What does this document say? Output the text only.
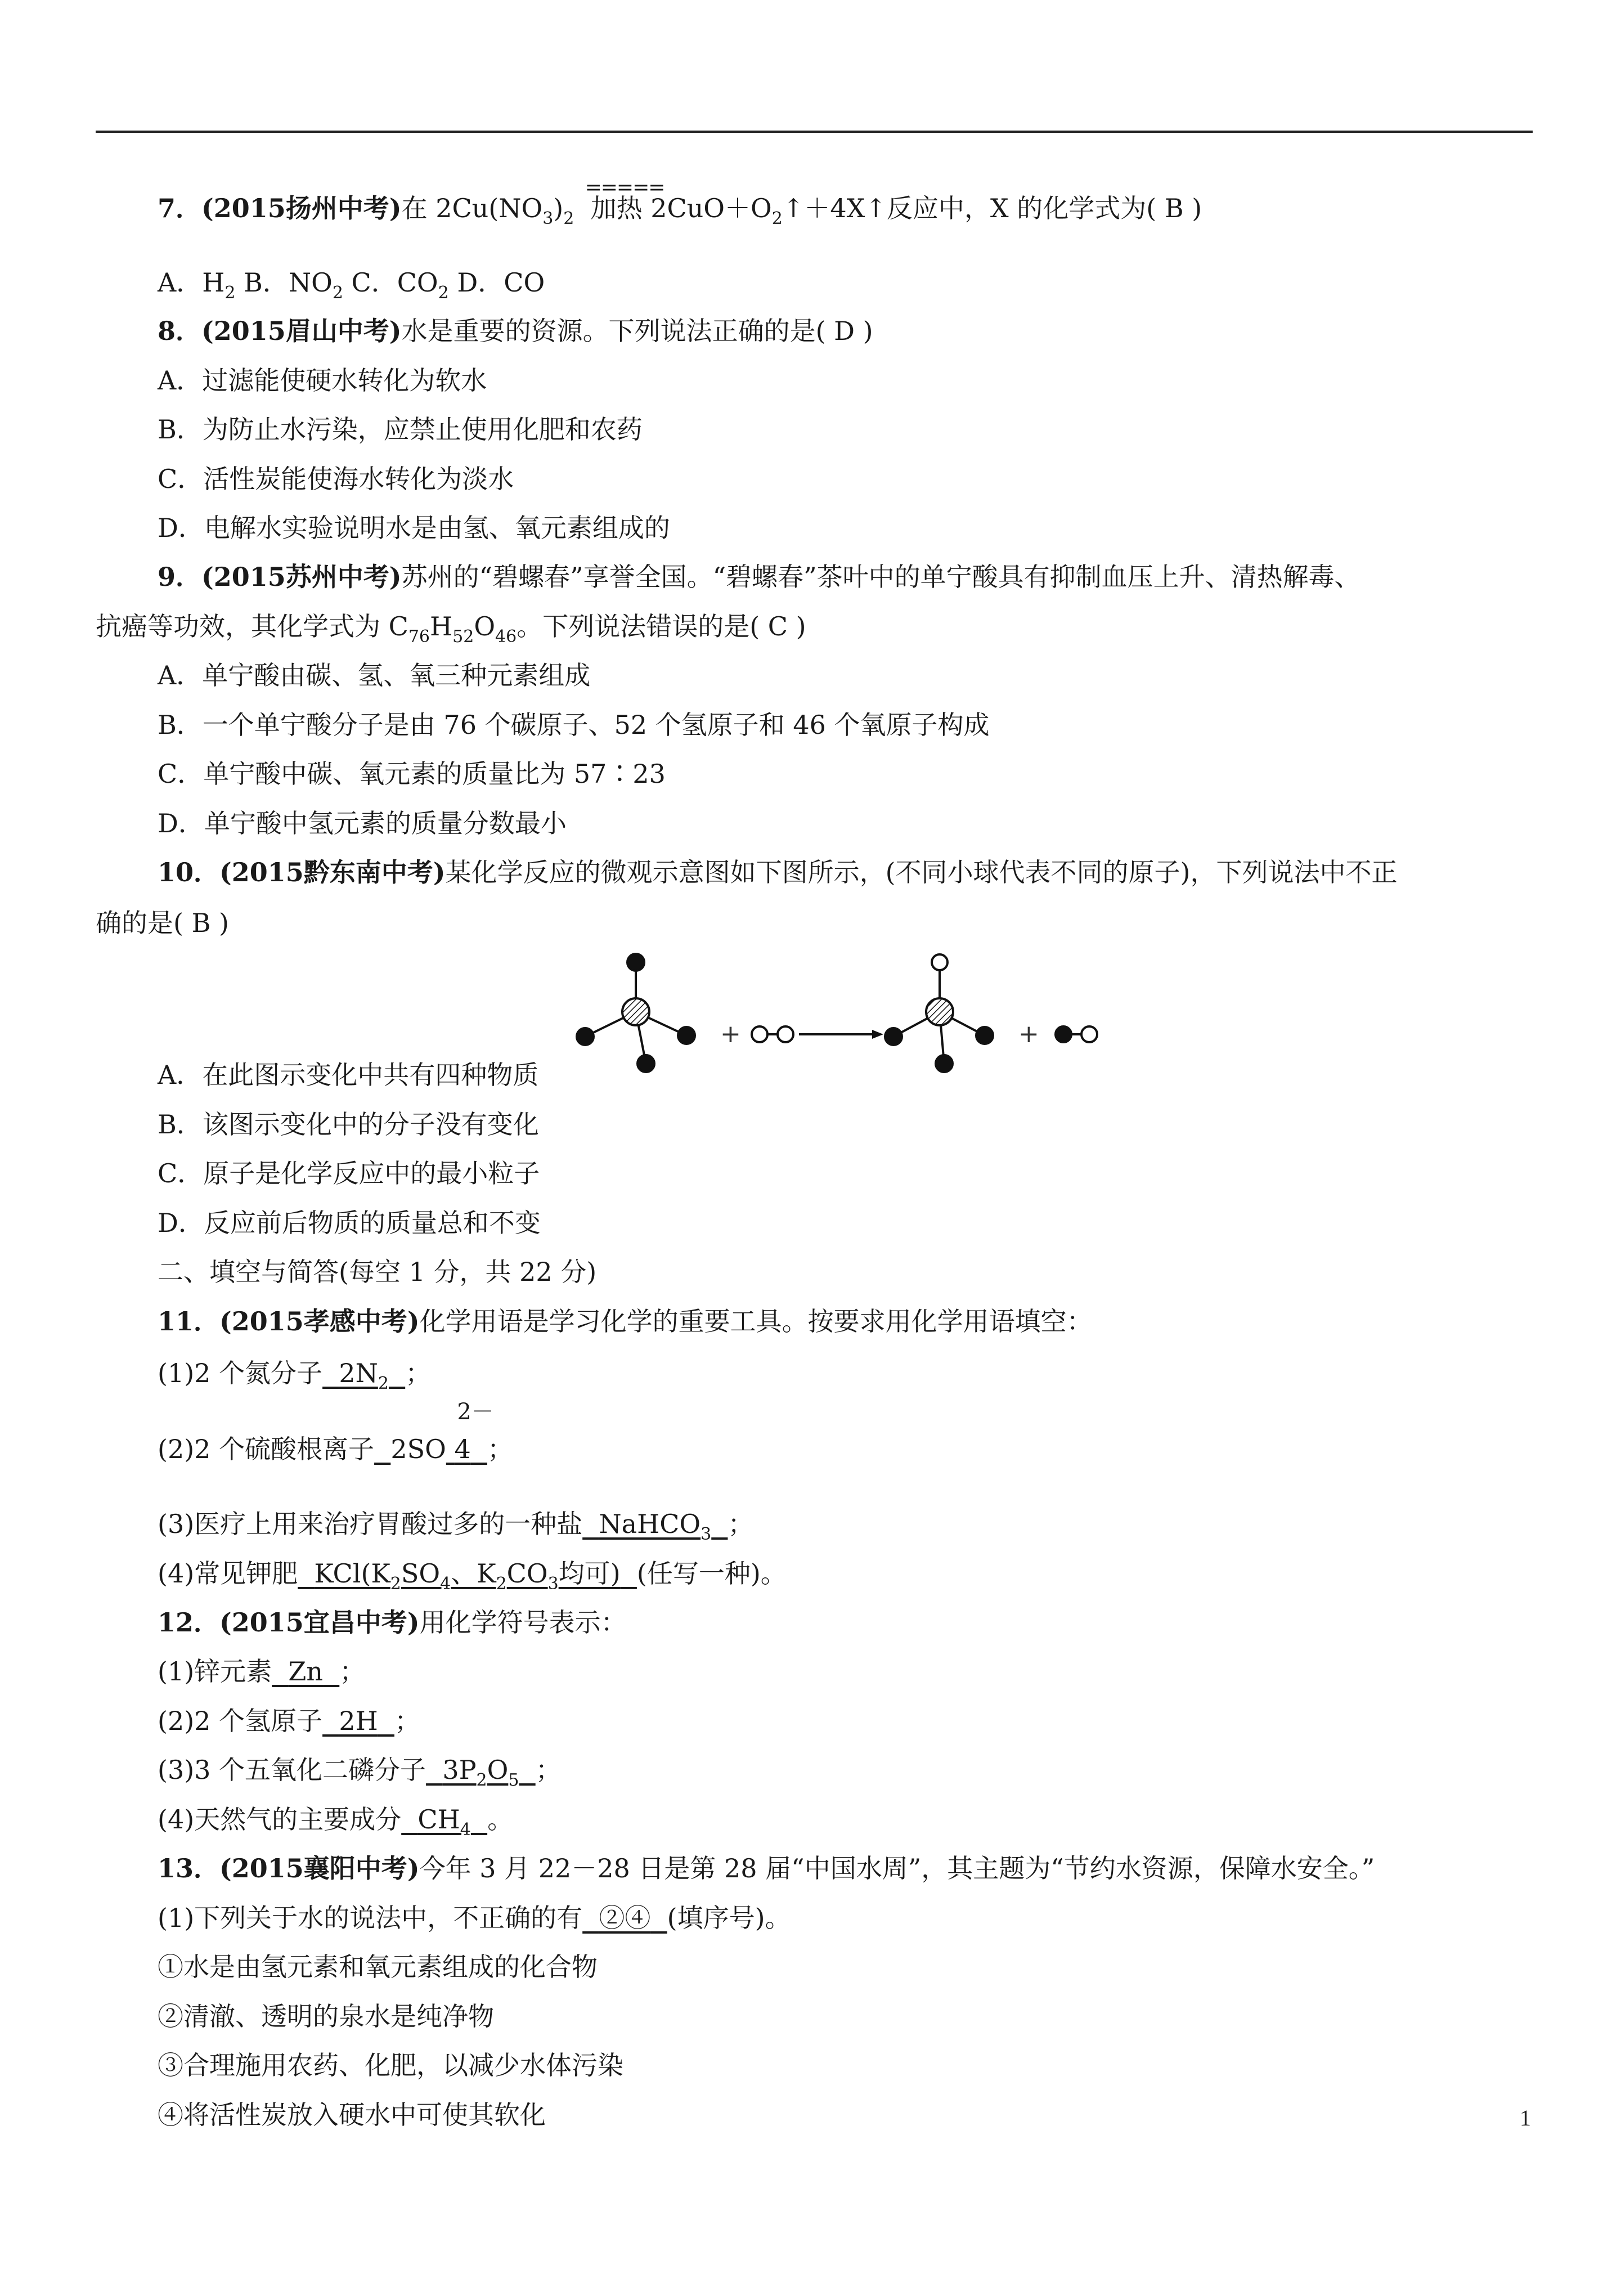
7．(2015扬州中考)在 $2Cu(NO_3)_2$
=====
加热 $2CuO+O_2↑+4X↑$反应中，X 的化学式为( B )
A．$H_2$ B．$NO_2$ C．$CO_2$ D．CO
8．(2015眉山中考)水是重要的资源。下列说法正确的是( D )
A．过滤能使硬水转化为软水
B．为防止水污染，应禁止使用化肥和农药
C．活性炭能使海水转化为淡水
D．电解水实验说明水是由氢、氧元素组成的
9．(2015苏州中考)苏州的“碧螺春”享誉全国。“碧螺春”茶叶中的单宁酸具有抑制血压上升、清热解毒、
抗癌等功效，其化学式为 $C_{76}H_{52}O_{46}$。下列说法错误的是( C )
A．单宁酸由碳、氢、氧三种元素组成
B．一个单宁酸分子是由 76 个碳原子、52 个氢原子和 46 个氧原子构成
C．单宁酸中碳、氧元素的质量比为 57∶23
D．单宁酸中氢元素的质量分数最小
10．(2015黔东南中考)某化学反应的微观示意图如下图所示，(不同小球代表不同的原子)，下列说法中不正
确的是( B )
+	+
A．在此图示变化中共有四种物质
B．该图示变化中的分子没有变化
C．原子是化学反应中的最小粒子
D．反应前后物质的质量总和不变
二、填空与简答(每空 1 分，共 22 分)
11．(2015孝感中考)化学用语是学习化学的重要工具。按要求用化学用语填空：
(1)2 个氮分子 $2N_2$ ；
(2)2 个硫酸根离子 2SO
2－
4 ；
(3)医疗上用来治疗胃酸过多的一种盐 NaHCO$_3$ ；
(4)常见钾肥 $KCl(K_2SO_4$、$K_2CO_3$均可) (任写一种)。
12．(2015宜昌中考)用化学符号表示：
(1)锌元素 Zn ；
(2)2 个氢原子 2H ；
(3)3 个五氧化二磷分子 $3P_2O_5$ ；
(4)天然气的主要成分 $CH_4$ 。
13．(2015襄阳中考)今年 3 月 22－28 日是第 28 届“中国水周”，其主题为“节约水资源，保障水安全。”
(1)下列关于水的说法中，不正确的有 ②④ (填序号)。
①水是由氢元素和氧元素组成的化合物
②清澈、透明的泉水是纯净物
③合理施用农药、化肥，以减少水体污染
④将活性炭放入硬水中可使其软化	1
